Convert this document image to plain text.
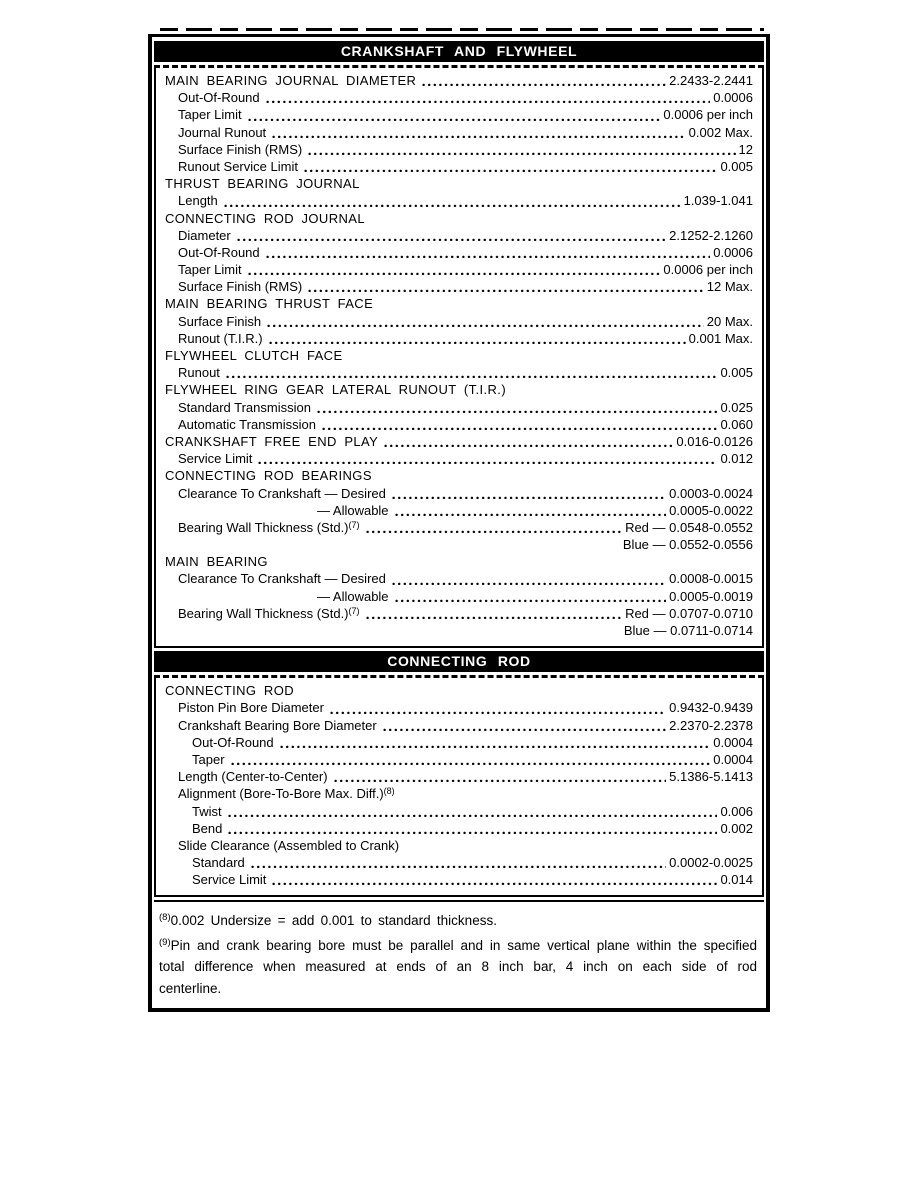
CRANKSHAFT AND FLYWHEEL
MAIN BEARING JOURNAL DIAMETER	2.2433-2.2441
Out-Of-Round	0.0006
Taper Limit	0.0006 per inch
Journal Runout	0.002 Max.
Surface Finish (RMS)	12
Runout Service Limit	0.005
THRUST BEARING JOURNAL
Length	1.039-1.041
CONNECTING ROD JOURNAL
Diameter	2.1252-2.1260
Out-Of-Round	0.0006
Taper Limit	0.0006 per inch
Surface Finish (RMS)	12 Max.
MAIN BEARING THRUST FACE
Surface Finish	20 Max.
Runout (T.I.R.)	0.001 Max.
FLYWHEEL CLUTCH FACE
Runout	0.005
FLYWHEEL RING GEAR LATERAL RUNOUT (T.I.R.)
Standard Transmission	0.025
Automatic Transmission	0.060
CRANKSHAFT FREE END PLAY	0.016-0.0126
Service Limit	0.012
CONNECTING ROD BEARINGS
Clearance To Crankshaft — Desired	0.0003-0.0024
— Allowable	0.0005-0.0022
Bearing Wall Thickness $(Std.)^{(7)}$	Red — 0.0548-0.0552
Blue — 0.0552-0.0556
MAIN BEARING
Clearance To Crankshaft — Desired	0.0008-0.0015
— Allowable	0.0005-0.0019
Bearing Wall Thickness $(Std.)^{(7)}$	Red — 0.0707-0.0710
Blue — 0.0711-0.0714
CONNECTING ROD
CONNECTING ROD
Piston Pin Bore Diameter	0.9432-0.9439
Crankshaft Bearing Bore Diameter	2.2370-2.2378
Out-Of-Round	0.0004
Taper	0.0004
Length (Center-to-Center)	5.1386-5.1413
Alignment (Bore-To-Bore Max. Diff.)$^{(8)}$
Twist	0.006
Bend	0.002
Slide Clearance (Assembled to Crank)
Standard	0.0002-0.0025
Service Limit	0.014
$^{(8)}$0.002 Undersize = add 0.001 to standard thickness.
$^{(9)}$Pin and crank bearing bore must be parallel and in same vertical plane within the specified total difference when measured at ends of an 8 inch bar, 4 inch on each side of rod centerline.
